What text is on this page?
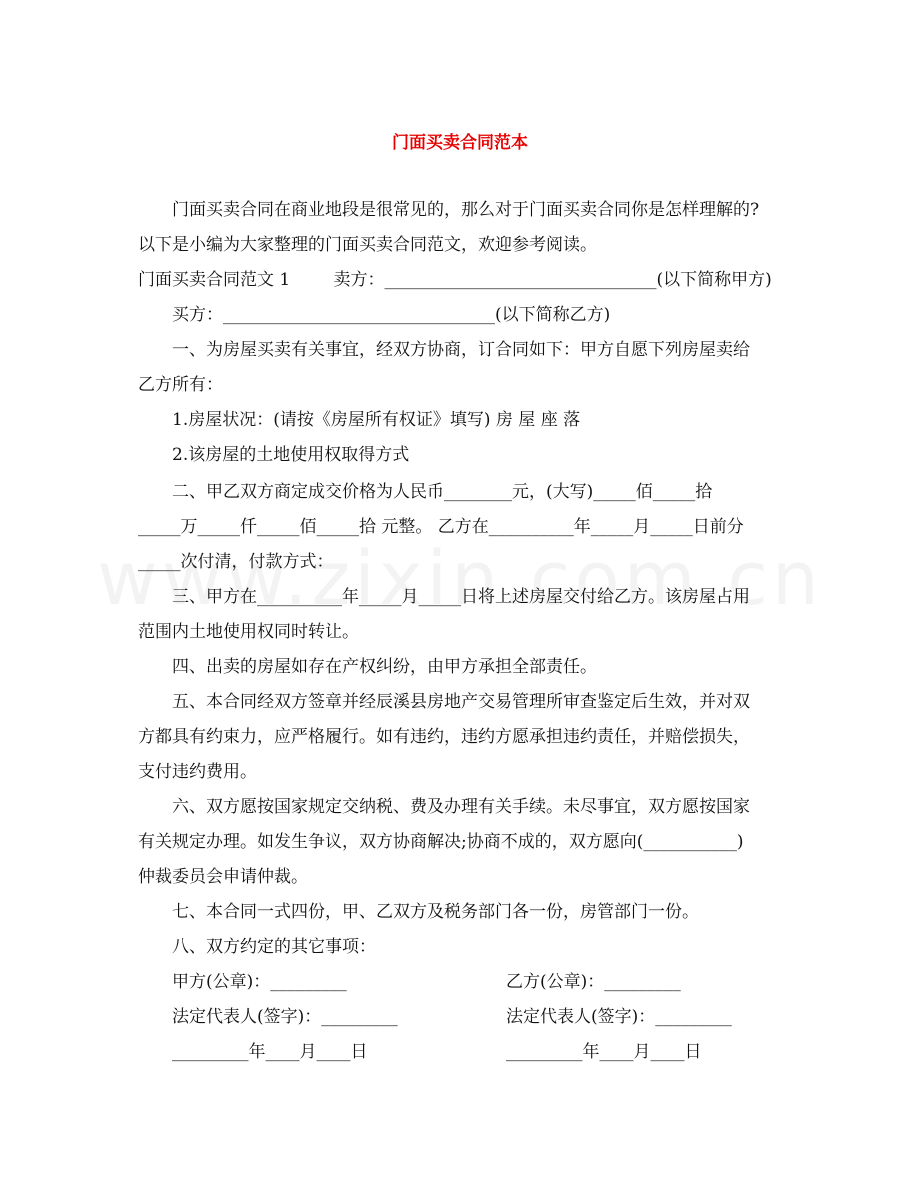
门面买卖合同范本
门面买卖合同在商业地段是很常见的，那么对于门面买卖合同你是怎样理解的?
以下是小编为大家整理的门面买卖合同范文，欢迎参考阅读。
门面买卖合同范文 1        卖方：________________________________(以下简称甲方)
买方：________________________________(以下简称乙方)
一、为房屋买卖有关事宜，经双方协商，订合同如下：甲方自愿下列房屋卖给
乙方所有：
1.房屋状况：(请按《房屋所有权证》填写) 房 屋 座 落
2.该房屋的土地使用权取得方式
二、甲乙双方商定成交价格为人民币________元，(大写)_____佰_____拾
_____万_____仟_____佰_____拾 元整。 乙方在__________年_____月_____日前分
_____次付清，付款方式：
三、甲方在__________年_____月_____日将上述房屋交付给乙方。该房屋占用
范围内土地使用权同时转让。
四、出卖的房屋如存在产权纠纷，由甲方承担全部责任。
五、本合同经双方签章并经辰溪县房地产交易管理所审查鉴定后生效，并对双
方都具有约束力，应严格履行。如有违约，违约方愿承担违约责任，并赔偿损失，
支付违约费用。
六、双方愿按国家规定交纳税、费及办理有关手续。未尽事宜，双方愿按国家
有关规定办理。如发生争议，双方协商解决;协商不成的，双方愿向(___________)
仲裁委员会申请仲裁。
七、本合同一式四份，甲、乙双方及税务部门各一份，房管部门一份。
八、双方约定的其它事项：
甲方(公章)：_________	乙方(公章)：_________
法定代表人(签字)：_________	法定代表人(签字)：_________
_________年____月____日	_________年____月____日
